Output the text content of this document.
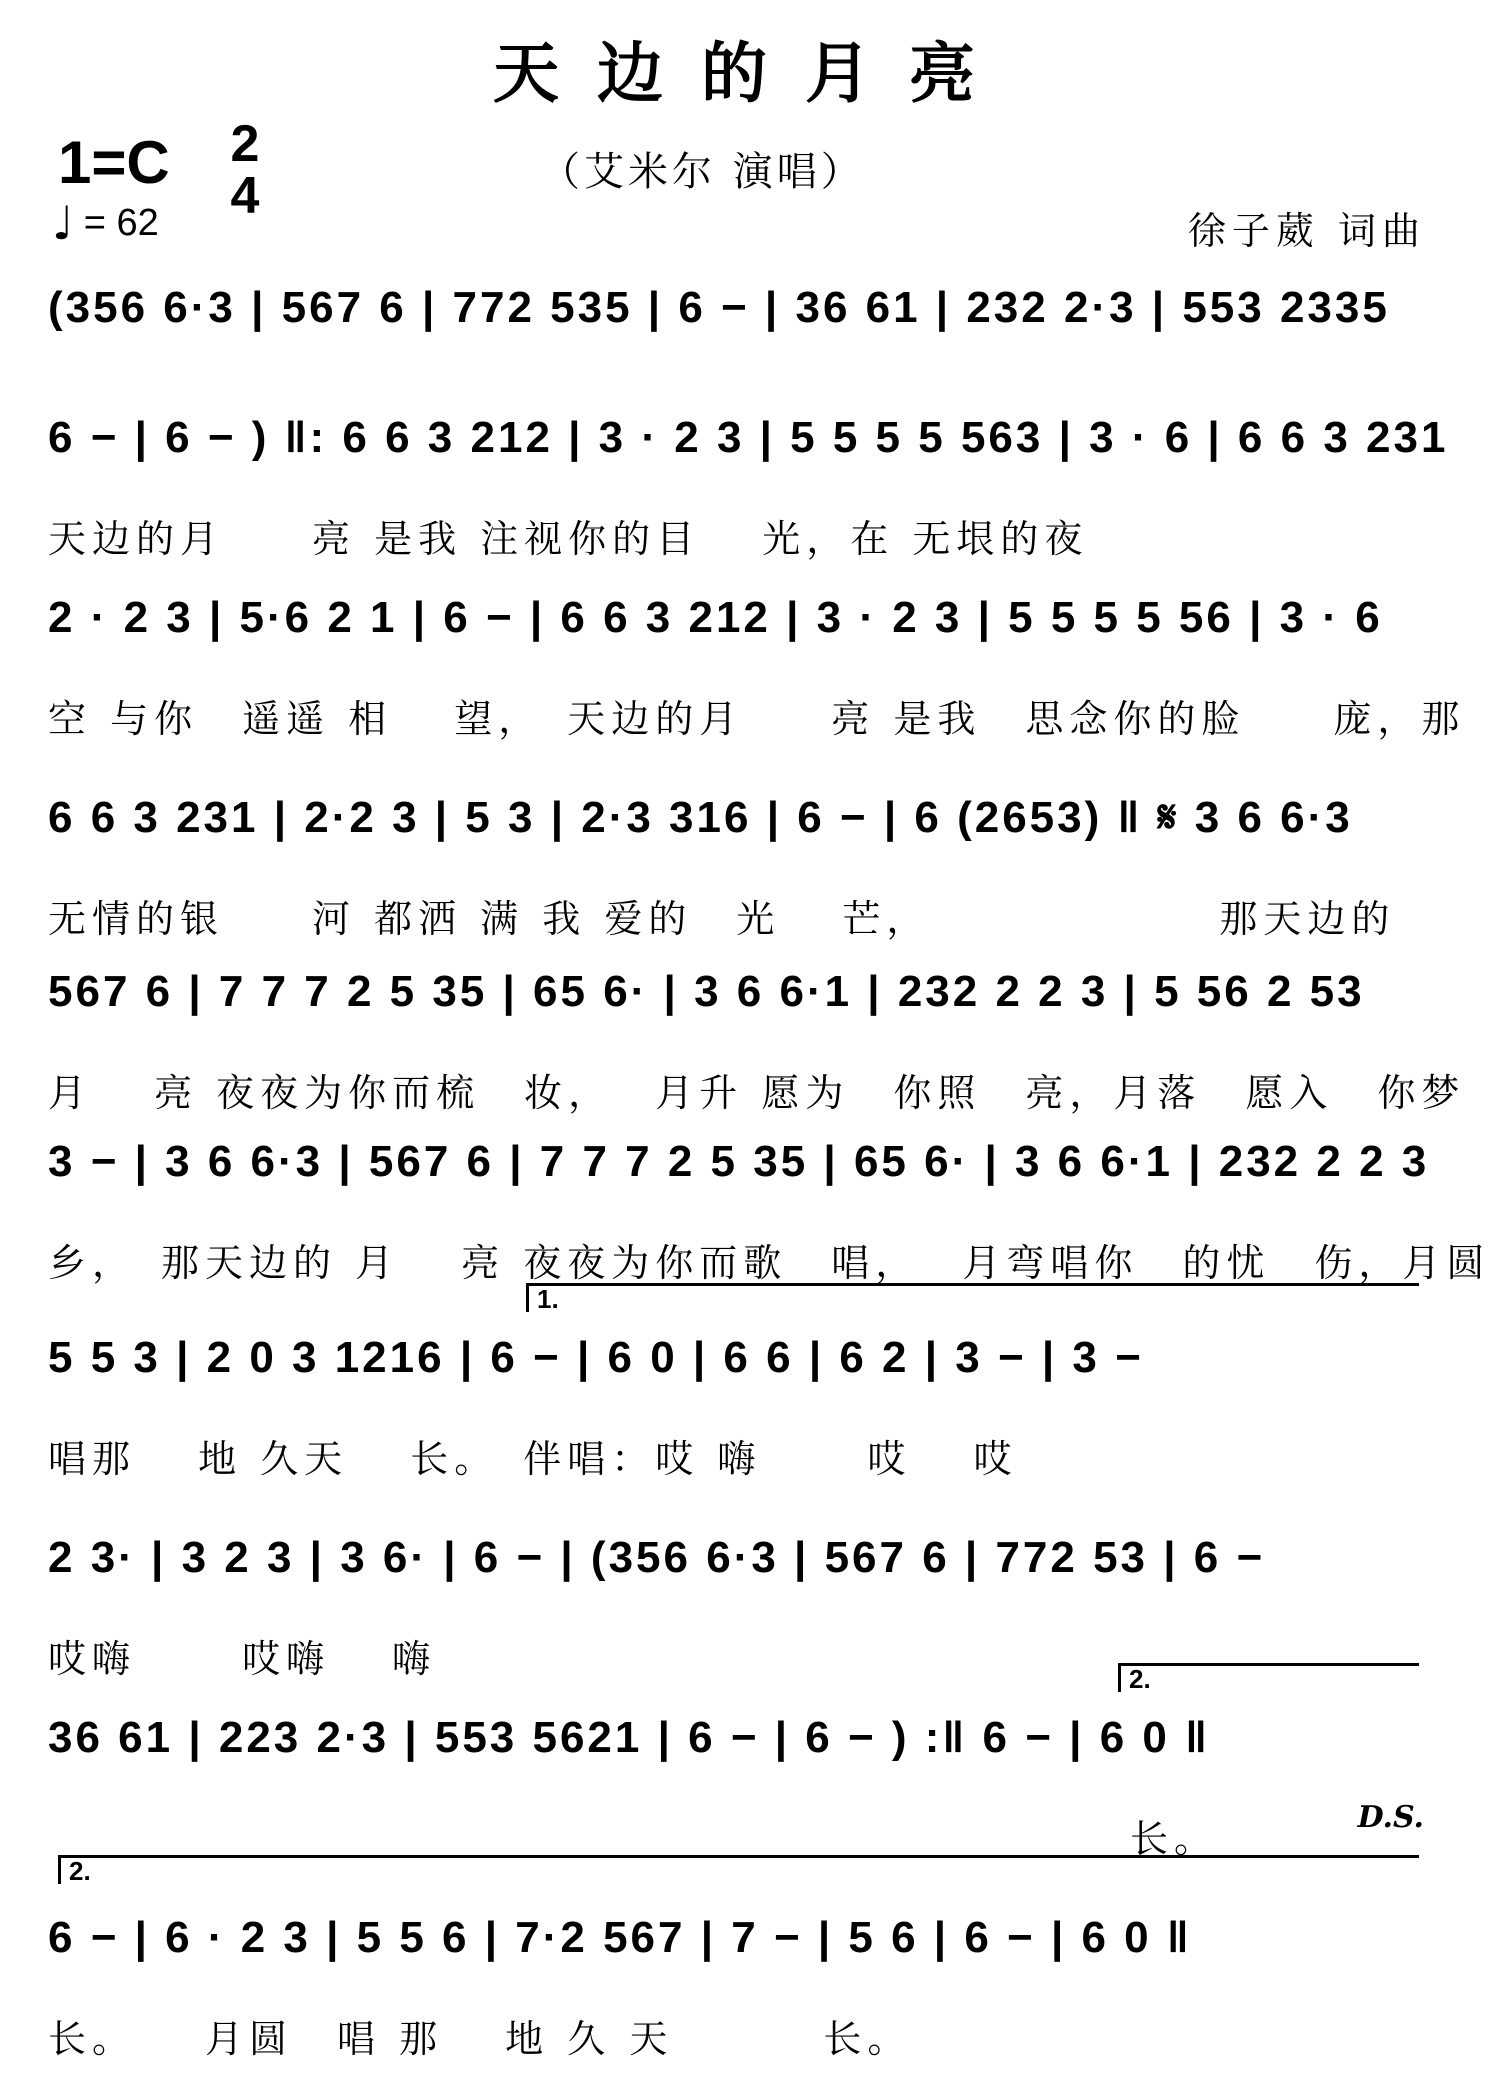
天边的月亮
1=C 2
4	（艾米尔 演唱）
♩ = 62	徐子葳 词曲
(356 6·3 | 567 6 | 772 535 | 6 − | 36 61 | 232 2·3 | 553 2335
6 − | 6 − ) ‖: 6 6 3 212 | 3 · 2 3 | 5 5 5 5 563 | 3 · 6 | 6 6 3 231
天边的月　　亮 是我 注视你的目　 光，在 无垠的夜
2 · 2 3 | 5·6 2 1 | 6 − | 6 6 3 212 | 3 · 2 3 | 5 5 5 5 56 | 3 · 6
空 与你　遥遥 相　 望，　天边的月　　亮 是我　思念你的脸　　庞，那
6 6 3 231 | 2·2 3 | 5 3 | 2·3 316 | 6 − | 6 (2653) ‖ 𝄋 3 6 6·3
无情的银　　河 都洒 满 我 爱的　光　 芒，　　　　　　　那天边的
567 6 | 7 7 7 2 5 35 | 65 6· | 3 6 6·1 | 232 2 2 3 | 5 56 2 53
月　 亮 夜夜为你而梳　妆，　 月升 愿为　你照　亮，月落　愿入　你梦
3 − | 3 6 6·3 | 567 6 | 7 7 7 2 5 35 | 65 6· | 3 6 6·1 | 232 2 2 3
乡，　那天边的 月　 亮 夜夜为你而歌　唱，　 月弯唱你　的忧　伤，月圆
1.
5 5 3 | 2 0 3 1216 | 6 − | 6 0 | 6 6 | 6 2 | 3 − | 3 −
唱那　 地 久天　 长。　伴唱：哎 嗨　　 哎　 哎
2 3· | 3 2 3 | 3 6· | 6 − | (356 6·3 | 567 6 | 772 53 | 6 −
哎嗨　　 哎嗨　 嗨	2.
36 61 | 223 2·3 | 553 5621 | 6 − | 6 − ) :‖ 6 − | 6 0 ‖
长。	D.S.
2.
6 − | 6 · 2 3 | 5 5 6 | 7·2 567 | 7 − | 5 6 | 6 − | 6 0 ‖
长。　　月圆　唱 那　 地 久 天　　　 长。
